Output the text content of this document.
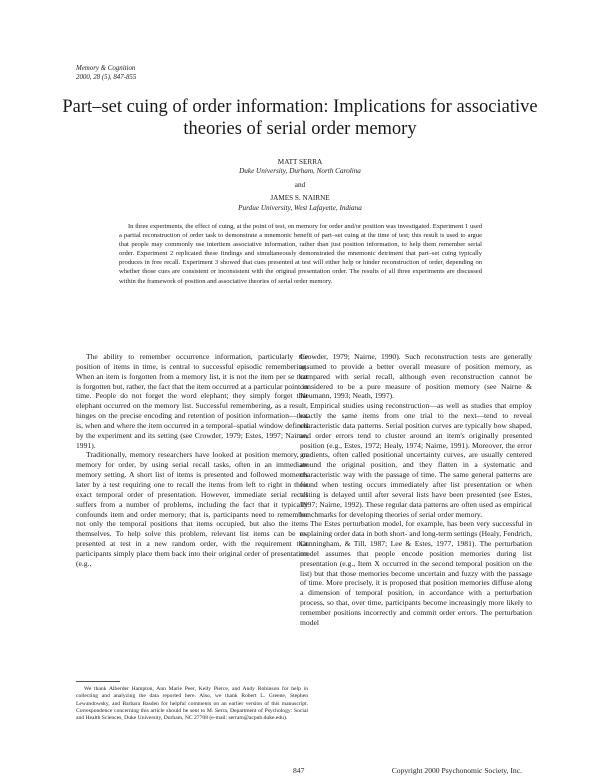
Memory & Cognition
2000, 28 (5), 847-855
Part–set cuing of order information: Implications for associative theories of serial order memory
MATT SERRA
Duke University, Durham, North Carolina
and
JAMES S. NAIRNE
Purdue University, West Lafayette, Indiana

In three experiments, the effect of cuing, at the point of test, on memory for order and/or position was investigated. Experiment 1 used a partial reconstruction of order task to demonstrate a mnemonic benefit of part–set cuing at the time of test; this result is used to argue that people may commonly use interitem associative information, rather than just position information, to help them remember serial order. Experiment 2 replicated these findings and simultaneously demonstrated the mnemonic detriment that part–set cuing typically produces in free recall. Experiment 3 showed that cues presented at test will either help or hinder reconstruction of order, depending on whether those cues are consistent or inconsistent with the original presentation order. The results of all three experiments are discussed within the framework of position and associative theories of serial order memory.

The ability to remember occurrence information, particularly the position of items in time, is central to successful episodic remembering. When an item is forgotten from a memory list, it is not the item per se that is forgotten but, rather, the fact that the item occurred at a particular point in time. People do not forget the word elephant; they simply forget that elephant occurred on the memory list. Successful remembering, as a result, hinges on the precise encoding and retention of position information—that is, when and where the item occurred in a temporal–spatial window defined by the experiment and its setting (see Crowder, 1979; Estes, 1997; Nairne, 1991).

Traditionally, memory researchers have looked at position memory, or memory for order, by using serial recall tasks, often in an immediate memory setting. A short list of items is presented and followed moments later by a test requiring one to recall the items from left to right in their exact temporal order of presentation. However, immediate serial recall suffers from a number of problems, including the fact that it typically confounds item and order memory; that is, participants need to remember not only the temporal positions that items occupied, but also the items themselves. To help solve this problem, relevant list items can be re-presented at test in a new random order, with the requirement that participants simply place them back into their original order of presentation (e.g.,

Crowder, 1979; Nairne, 1990). Such reconstruction tests are generally assumed to provide a better overall measure of position memory, as compared with serial recall, although even reconstruction cannot be considered to be a pure measure of position memory (see Nairne & Neumann, 1993; Neath, 1997).

Empirical studies using reconstruction—as well as studies that employ exactly the same items from one trial to the next—tend to reveal characteristic data patterns. Serial position curves are typically bow shaped, and order errors tend to cluster around an item's originally presented position (e.g., Estes, 1972; Healy, 1974; Nairne, 1991). Moreover, the error gradients, often called positional uncertainty curves, are usually centered around the original position, and they flatten in a systematic and characteristic way with the passage of time. The same general patterns are found when testing occurs immediately after list presentation or when testing is delayed until after several lists have been presented (see Estes, 1997; Nairne, 1992). These regular data patterns are often used as empirical benchmarks for developing theories of serial order memory.

The Estes perturbation model, for example, has been very successful in explaining order data in both short- and long-term settings (Healy, Fendrich, Cunningham, & Till, 1987; Lee & Estes, 1977, 1981). The perturbation model assumes that people encode position memories during list presentation (e.g., Item X occurred in the second temporal position on the list) but that those memories become uncertain and fuzzy with the passage of time. More precisely, it is proposed that position memories diffuse along a dimension of temporal position, in accordance with a perturbation process, so that, over time, participants become increasingly more likely to remember positions incorrectly and commit order errors. The perturbation model

We thank Alberder Hampton, Ann Marie Peer, Kelly Pierce, and Andy Robinson for help in collecting and analyzing the data reported here. Also, we thank Robert L. Greene, Stephen Lewandowsky, and Barbara Basden for helpful comments on an earlier version of this manuscript. Correspondence concerning this article should be sent to M. Serra, Department of Psychology: Social and Health Sciences, Duke University, Durham, NC 27708 (e-mail: serram@acpub.duke.edu).

847	Copyright 2000 Psychonomic Society, Inc.
